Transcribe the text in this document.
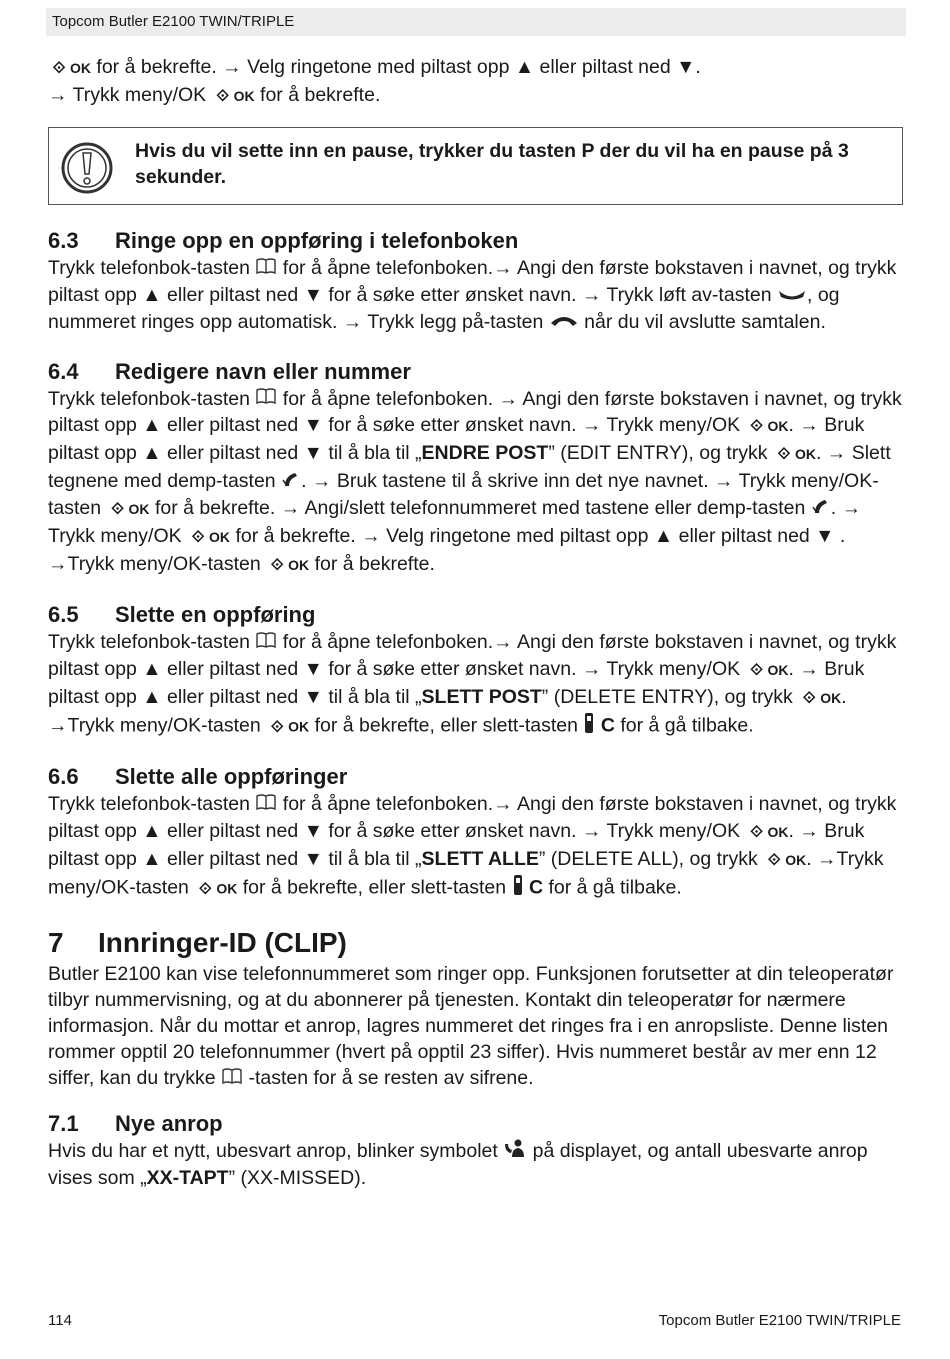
Topcom Butler E2100 TWIN/TRIPLE

⟐ OK for å bekrefte. → Velg ringetone med piltast opp ▲ eller piltast ned ▼.

→ Trykk meny/OK ⟐ OK for å bekrefte.

Hvis du vil sette inn en pause, trykker du tasten P der du vil ha en pause på 3 sekunder.
6.3 Ringe opp en oppføring i telefonboken

Trykk telefonbok-tasten for å åpne telefonboken.→ Angi den første bokstaven i navnet, og trykk piltast opp ▲ eller piltast ned ▼ for å søke etter ønsket navn. → Trykk løft av-tasten , og nummeret ringes opp automatisk. → Trykk legg på-tasten når du vil avslutte samtalen.

6.4 Redigere navn eller nummer

Trykk telefonbok-tasten for å åpne telefonboken. → Angi den første bokstaven i navnet, og trykk piltast opp ▲ eller piltast ned ▼ for å søke etter ønsket navn. → Trykk meny/OK ⟐ OK. → Bruk piltast opp ▲ eller piltast ned ▼ til å bla til „ENDRE POST” (EDIT ENTRY), og trykk ⟐ OK. → Slett tegnene med demp-tasten . → Bruk tastene til å skrive inn det nye navnet. → Trykk meny/OK-tasten ⟐ OK for å bekrefte. → Angi/slett telefonnummeret med tastene eller demp-tasten . → Trykk meny/OK ⟐ OK for å bekrefte. → Velg ringetone med piltast opp ▲ eller piltast ned ▼ . →Trykk meny/OK-tasten ⟐ OK for å bekrefte.

6.5 Slette en oppføring

Trykk telefonbok-tasten for å åpne telefonboken.→ Angi den første bokstaven i navnet, og trykk piltast opp ▲ eller piltast ned ▼ for å søke etter ønsket navn. → Trykk meny/OK ⟐ OK. → Bruk piltast opp ▲ eller piltast ned ▼ til å bla til „SLETT POST” (DELETE ENTRY), og trykk ⟐ OK. →Trykk meny/OK-tasten ⟐ OK for å bekrefte, eller slett-tasten C for å gå tilbake.

6.6 Slette alle oppføringer

Trykk telefonbok-tasten for å åpne telefonboken.→ Angi den første bokstaven i navnet, og trykk piltast opp ▲ eller piltast ned ▼ for å søke etter ønsket navn. → Trykk meny/OK ⟐ OK. → Bruk piltast opp ▲ eller piltast ned ▼ til å bla til „SLETT ALLE” (DELETE ALL), og trykk ⟐ OK. →Trykk meny/OK-tasten ⟐ OK for å bekrefte, eller slett-tasten C for å gå tilbake.

7 Innringer-ID (CLIP)

Butler E2100 kan vise telefonnummeret som ringer opp. Funksjonen forutsetter at din teleoperatør tilbyr nummervisning, og at du abonnerer på tjenesten. Kontakt din teleoperatør for nærmere informasjon. Når du mottar et anrop, lagres nummeret det ringes fra i en anropsliste. Denne listen rommer opptil 20 telefonnummer (hvert på opptil 23 siffer). Hvis nummeret består av mer enn 12 siffer, kan du trykke -tasten for å se resten av sifrene.

7.1 Nye anrop

Hvis du har et nytt, ubesvart anrop, blinker symbolet på displayet, og antall ubesvarte anrop vises som „XX-TAPT” (XX-MISSED).

114	Topcom Butler E2100 TWIN/TRIPLE
